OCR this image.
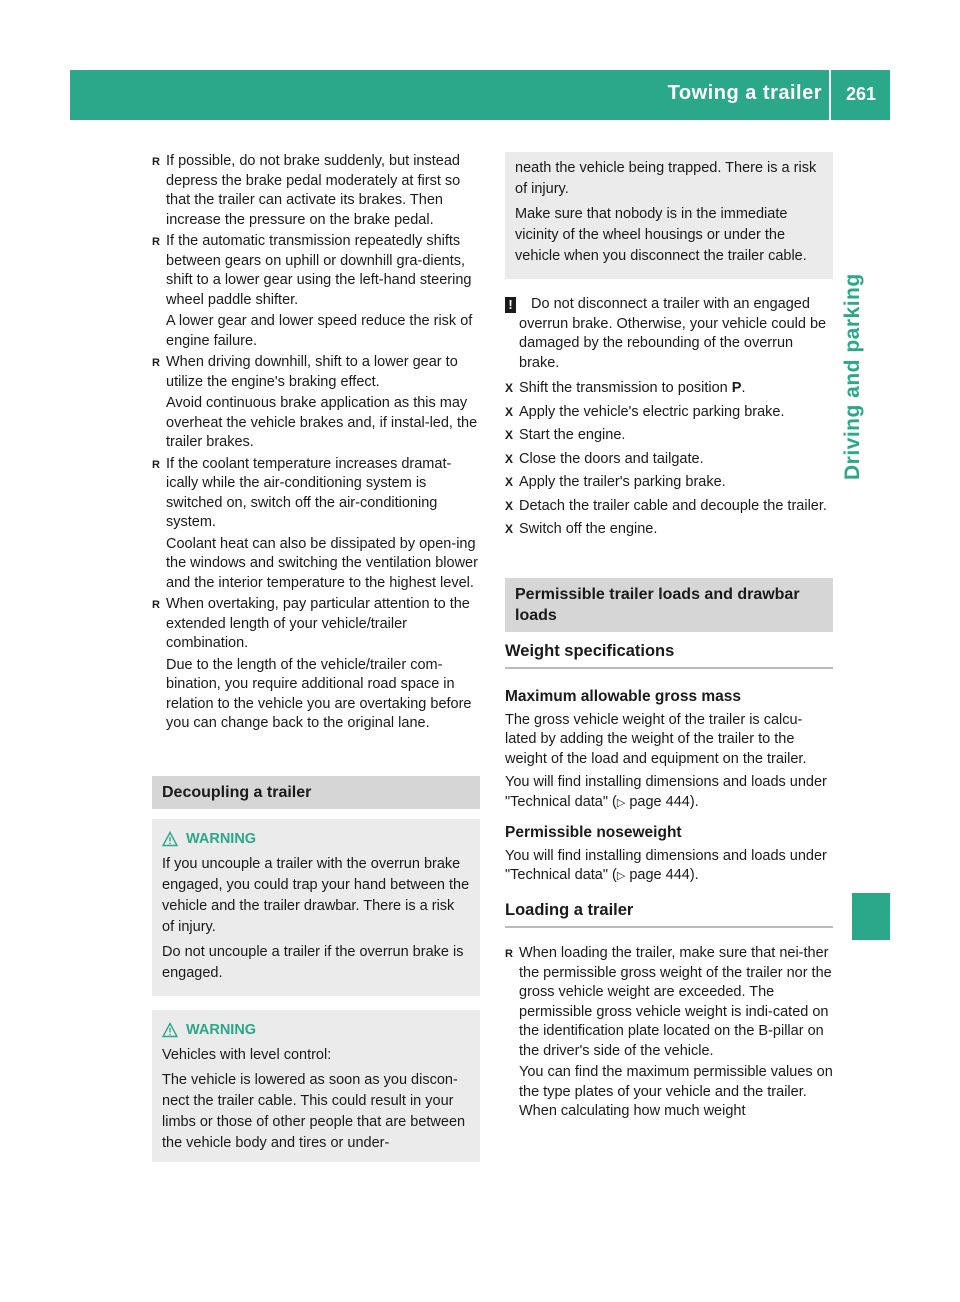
Towing a trailer	261
Driving and parking
R If possible, do not brake suddenly, but instead depress the brake pedal moderately at first so that the trailer can activate its brakes. Then increase the pressure on the brake pedal.
R If the automatic transmission repeatedly shifts between gears on uphill or downhill gra-dients, shift to a lower gear using the left-hand steering wheel paddle shifter.
A lower gear and lower speed reduce the risk of engine failure.
R When driving downhill, shift to a lower gear to utilize the engine's braking effect.
Avoid continuous brake application as this may overheat the vehicle brakes and, if instal-led, the trailer brakes.
R If the coolant temperature increases dramat-ically while the air-conditioning system is switched on, switch off the air-conditioning system.
Coolant heat can also be dissipated by open-ing the windows and switching the ventilation blower and the interior temperature to the highest level.
R When overtaking, pay particular attention to the extended length of your vehicle/trailer combination.
Due to the length of the vehicle/trailer com-bination, you require additional road space in relation to the vehicle you are overtaking before you can change back to the original lane.
Decoupling a trailer
WARNING

If you uncouple a trailer with the overrun brake engaged, you could trap your hand between the vehicle and the trailer drawbar. There is a risk of injury.

Do not uncouple a trailer if the overrun brake is engaged.

WARNING

Vehicles with level control:

The vehicle is lowered as soon as you discon-nect the trailer cable. This could result in your limbs or those of other people that are between the vehicle body and tires or under-

neath the vehicle being trapped. There is a risk of injury.

Make sure that nobody is in the immediate vicinity of the wheel housings or under the vehicle when you disconnect the trailer cable.

!	Do not disconnect a trailer with an engaged overrun brake. Otherwise, your vehicle could be damaged by the rebounding of the overrun brake.
X Shift the transmission to position P.
X Apply the vehicle's electric parking brake.
X Start the engine.
X Close the doors and tailgate.
X Apply the trailer's parking brake.
X Detach the trailer cable and decouple the trailer.
X Switch off the engine.
Permissible trailer loads and drawbar loads
Weight specifications
Maximum allowable gross mass

The gross vehicle weight of the trailer is calcu-lated by adding the weight of the trailer to the weight of the load and equipment on the trailer.

You will find installing dimensions and loads under "Technical data" (▷ page 444).

Permissible noseweight

You will find installing dimensions and loads under "Technical data" (▷ page 444).

Loading a trailer
R When loading the trailer, make sure that nei-ther the permissible gross weight of the trailer nor the gross vehicle weight are exceeded. The permissible gross vehicle weight is indi-cated on the identification plate located on the B-pillar on the driver's side of the vehicle.
You can find the maximum permissible values on the type plates of your vehicle and the trailer. When calculating how much weight
